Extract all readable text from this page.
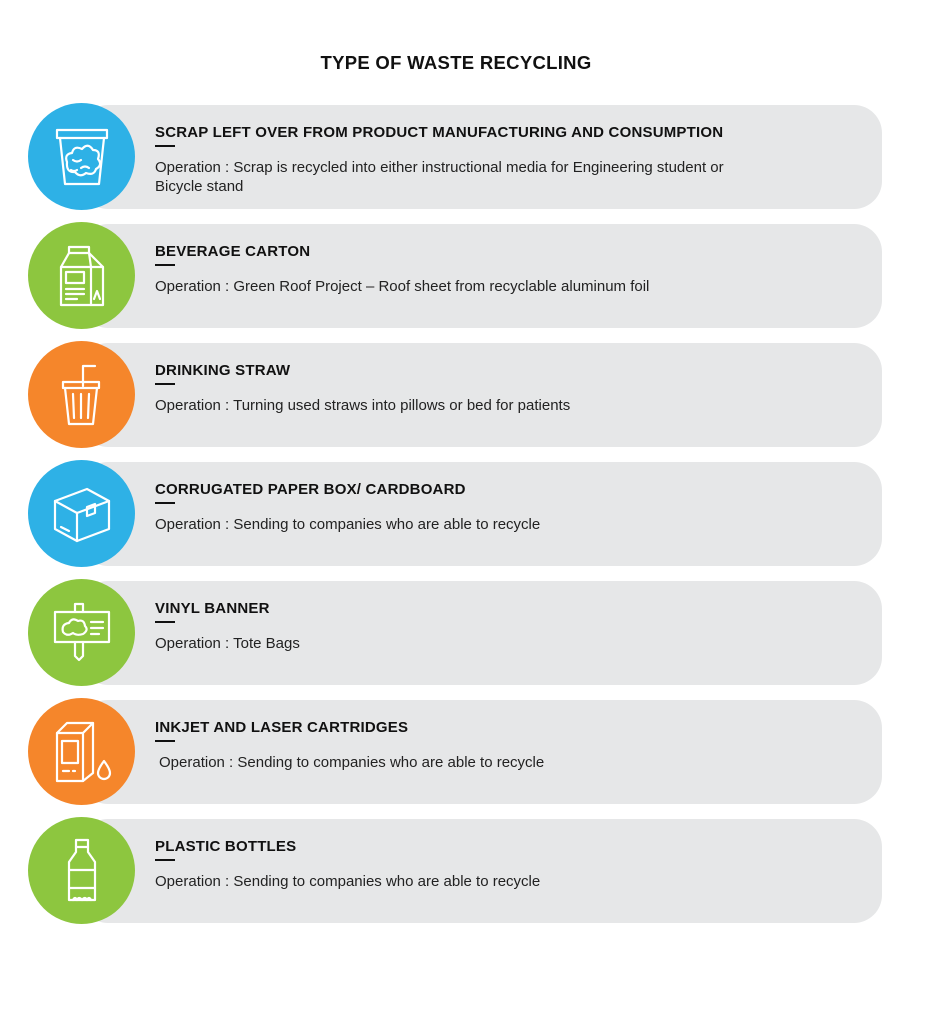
TYPE OF WASTE RECYCLING
SCRAP LEFT OVER FROM PRODUCT MANUFACTURING AND CONSUMPTION
Operation : Scrap is recycled into either instructional media for Engineering student or Bicycle stand
BEVERAGE CARTON
Operation : Green Roof Project – Roof sheet from recyclable aluminum foil
DRINKING STRAW
Operation : Turning used straws into pillows or bed for patients
CORRUGATED PAPER BOX/ CARDBOARD
Operation : Sending to companies who are able to recycle
VINYL BANNER
Operation : Tote Bags
INKJET AND LASER CARTRIDGES
Operation : Sending to companies who are able to recycle
PLASTIC BOTTLES
Operation : Sending to companies who are able to recycle
